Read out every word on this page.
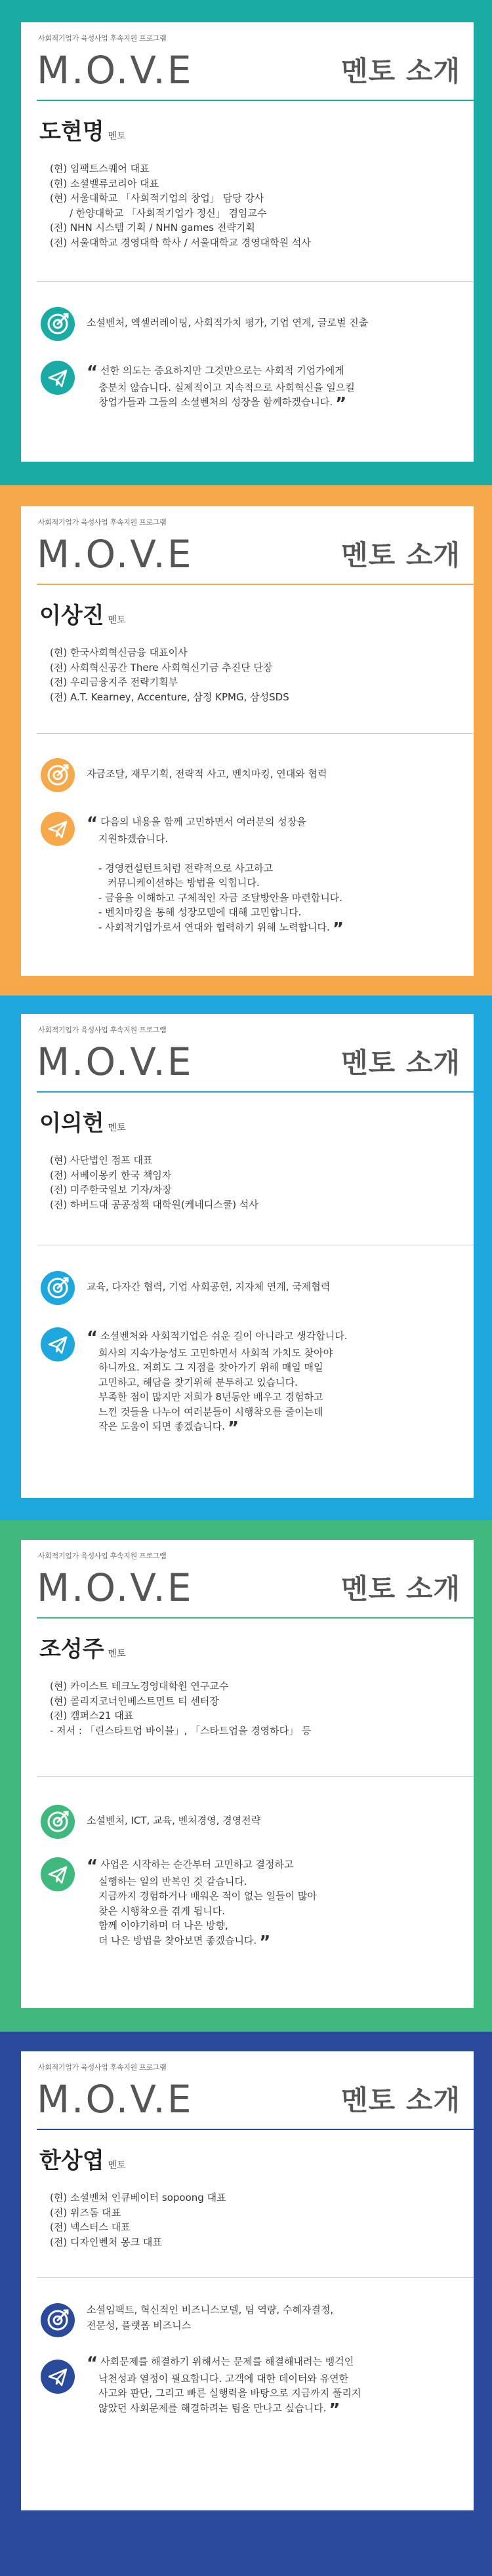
사회적기업가 육성사업 후속지원 프로그램
M.O.V.E	멘토 소개
도현명 멘토
(현) 임팩트스퀘어 대표
(현) 소셜밸류코리아 대표
(현) 서울대학교 「사회적기업의 창업」 담당 강사
/ 한양대학교 「사회적기업가 정신」 겸임교수
(전) NHN 시스템 기획 / NHN games 전략기획
(전) 서울대학교 경영대학 학사 / 서울대학교 경영대학원 석사
소셜벤처, 엑셀러레이팅, 사회적가치 평가, 기업 연계, 글로벌 진출
“ 선한 의도는 중요하지만 그것만으로는 사회적 기업가에게
충분치 않습니다. 실제적이고 지속적으로 사회혁신을 일으킬
창업가들과 그들의 소셜벤처의 성장을 함께하겠습니다. ”
사회적기업가 육성사업 후속지원 프로그램
M.O.V.E	멘토 소개
이상진 멘토
(현) 한국사회혁신금융 대표이사
(전) 사회혁신공간 There 사회혁신기금 추진단 단장
(전) 우리금융지주 전략기획부
(전) A.T. Kearney, Accenture, 삼정 KPMG, 삼성SDS
자금조달, 재무기획, 전략적 사고, 벤치마킹, 연대와 협력
“ 다음의 내용을 함께 고민하면서 여러분의 성장을
지원하겠습니다.

- 경영컨설턴트처럼 전략적으로 사고하고
커뮤니케이션하는 방법을 익힙니다.
- 금융을 이해하고 구체적인 자금 조달방안을 마련합니다.
- 벤치마킹을 통해 성장모델에 대해 고민합니다.
- 사회적기업가로서 연대와 협력하기 위해 노력합니다. ”
사회적기업가 육성사업 후속지원 프로그램
M.O.V.E	멘토 소개
이의헌 멘토
(현) 사단법인 점프 대표
(전) 서베이몽키 한국 책임자
(전) 미주한국일보 기자/차장
(전) 하버드대 공공정책 대학원(케네디스쿨) 석사
교육, 다자간 협력, 기업 사회공헌, 지자체 연계, 국제협력
“ 소셜벤처와 사회적기업은 쉬운 길이 아니라고 생각합니다.
회사의 지속가능성도 고민하면서 사회적 가치도 찾아야
하니까요. 저희도 그 지점을 찾아가기 위해 매일 매일
고민하고, 해답을 찾기위해 분투하고 있습니다.
부족한 점이 많지만 저희가 8년동안 배우고 경험하고
느낀 것들을 나누어 여러분들이 시행착오를 줄이는데
작은 도움이 되면 좋겠습니다. ”
사회적기업가 육성사업 후속지원 프로그램
M.O.V.E	멘토 소개
조성주 멘토
(현) 카이스트 테크노경영대학원 연구교수
(현) 콜리지코너인베스트먼트 티 센터장
(전) 캠퍼스21 대표
- 저서 : 「린스타트업 바이블」, 「스타트업을 경영하다」 등
소셜벤처, ICT, 교육, 벤처경영, 경영전략
“ 사업은 시작하는 순간부터 고민하고 결정하고
실행하는 일의 반복인 것 같습니다.
지금까지 경험하거나 배워온 적이 없는 일들이 많아
찾은 시행착오를 겪게 됩니다.
함께 이야기하며 더 나은 방향,
더 나은 방법을 찾아보면 좋겠습니다. ”
사회적기업가 육성사업 후속지원 프로그램
M.O.V.E	멘토 소개
한상엽 멘토
(현) 소셜벤처 인큐베이터 sopoong 대표
(전) 위즈돔 대표
(전) 넥스터스 대표
(전) 디자인벤처 몽크 대표
소셜임팩트, 혁신적인 비즈니스모델, 팀 역량, 수혜자결정,
전문성, 플랫폼 비즈니스
“ 사회문제를 해결하기 위해서는 문제를 해결해내려는 뱅걱인
낙천성과 열정이 필요합니다. 고객에 대한 데이터와 유연한
사고와 판단, 그리고 빠른 실행력을 바탕으로 지금까지 풀리지
않았던 사회문제를 해결하려는 팀을 만나고 싶습니다. ”
